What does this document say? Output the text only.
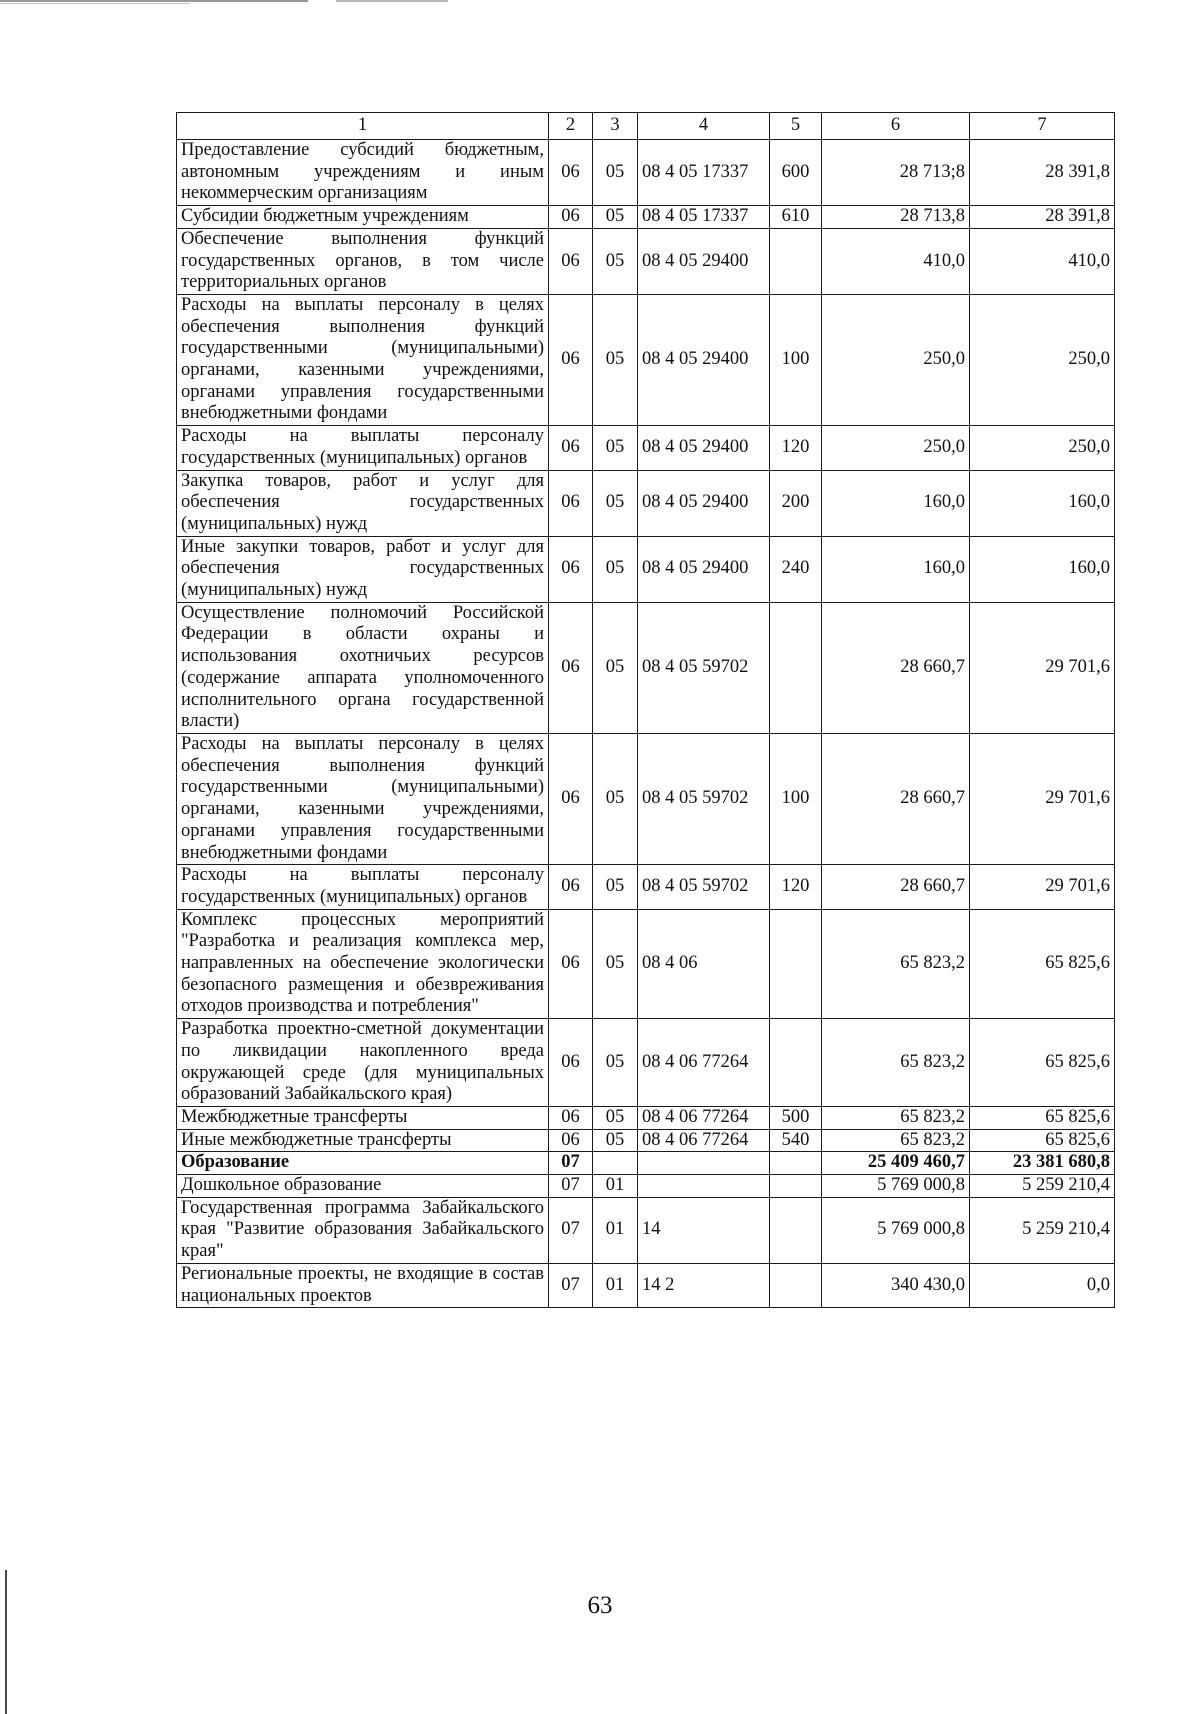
1	2	3	4	5	6	7
Предоставление субсидий бюджетным, автономным учреждениям и иным некоммерческим организациям	06	05	08 4 05 17337	600	28 713;8	28 391,8
Субсидии бюджетным учреждениям	06	05	08 4 05 17337	610	28 713,8	28 391,8
Обеспечение выполнения функций государственных органов, в том числе территориальных органов	06	05	08 4 05 29400		410,0	410,0
Расходы на выплаты персоналу в целях обеспечения выполнения функций государственными (муниципальными) органами, казенными учреждениями, органами управления государственными внебюджетными фондами	06	05	08 4 05 29400	100	250,0	250,0
Расходы на выплаты персоналу государственных (муниципальных) органов	06	05	08 4 05 29400	120	250,0	250,0
Закупка товаров, работ и услуг для обеспечения государственных (муниципальных) нужд	06	05	08 4 05 29400	200	160,0	160,0
Иные закупки товаров, работ и услуг для обеспечения государственных (муниципальных) нужд	06	05	08 4 05 29400	240	160,0	160,0
Осуществление полномочий Российской Федерации в области охраны и использования охотничьих ресурсов (содержание аппарата уполномоченного исполнительного органа государственной власти)	06	05	08 4 05 59702		28 660,7	29 701,6
Расходы на выплаты персоналу в целях обеспечения выполнения функций государственными (муниципальными) органами, казенными учреждениями, органами управления государственными внебюджетными фондами	06	05	08 4 05 59702	100	28 660,7	29 701,6
Расходы на выплаты персоналу государственных (муниципальных) органов	06	05	08 4 05 59702	120	28 660,7	29 701,6
Комплекс процессных мероприятий "Разработка и реализация комплекса мер, направленных на обеспечение экологически безопасного размещения и обезвреживания отходов производства и потребления"	06	05	08 4 06		65 823,2	65 825,6
Разработка проектно-сметной документации по ликвидации накопленного вреда окружающей среде (для муниципальных образований Забайкальского края)	06	05	08 4 06 77264		65 823,2	65 825,6
Межбюджетные трансферты	06	05	08 4 06 77264	500	65 823,2	65 825,6
Иные межбюджетные трансферты	06	05	08 4 06 77264	540	65 823,2	65 825,6
Образование	07				25 409 460,7	23 381 680,8
Дошкольное образование	07	01			5 769 000,8	5 259 210,4
Государственная программа Забайкальского края "Развитие образования Забайкальского края"	07	01	14		5 769 000,8	5 259 210,4
Региональные проекты, не входящие в состав национальных проектов	07	01	14 2		340 430,0	0,0
63
